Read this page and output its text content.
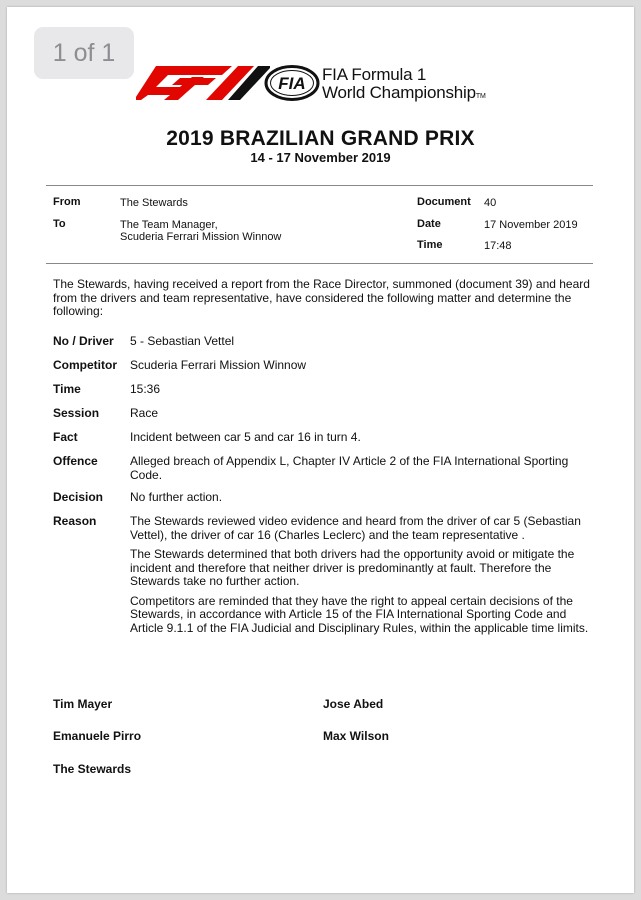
1 of 1
FIA FIA Formula 1
World ChampionshipTM
2019 BRAZILIAN GRAND PRIX
14 - 17 November 2019
From	The Stewards
To	The Team Manager,
Scuderia Ferrari Mission Winnow
Document 40
Date	17 November 2019
Time	17:48
The Stewards, having received a report from the Race Director, summoned (document 39) and heard from the drivers and team representative, have considered the following matter and determine the following:
No / Driver 5 - Sebastian Vettel
Competitor Scuderia Ferrari Mission Winnow
Time	15:36
Session	Race
Fact	Incident between car 5 and car 16 in turn 4.
Offence	Alleged breach of Appendix L, Chapter IV Article 2 of the FIA International Sporting Code.
Decision No further action.
Reason	The Stewards reviewed video evidence and heard from the driver of car 5 (Sebastian Vettel), the driver of car 16 (Charles Leclerc) and the team representative .

The Stewards determined that both drivers had the opportunity avoid or mitigate the incident and therefore that neither driver is predominantly at fault. Therefore the Stewards take no further action.

Competitors are reminded that they have the right to appeal certain decisions of the Stewards, in accordance with Article 15 of the FIA International Sporting Code and Article 9.1.1 of the FIA Judicial and Disciplinary Rules, within the applicable time limits.

Tim Mayer	Jose Abed
Emanuele Pirro	Max Wilson
The Stewards
